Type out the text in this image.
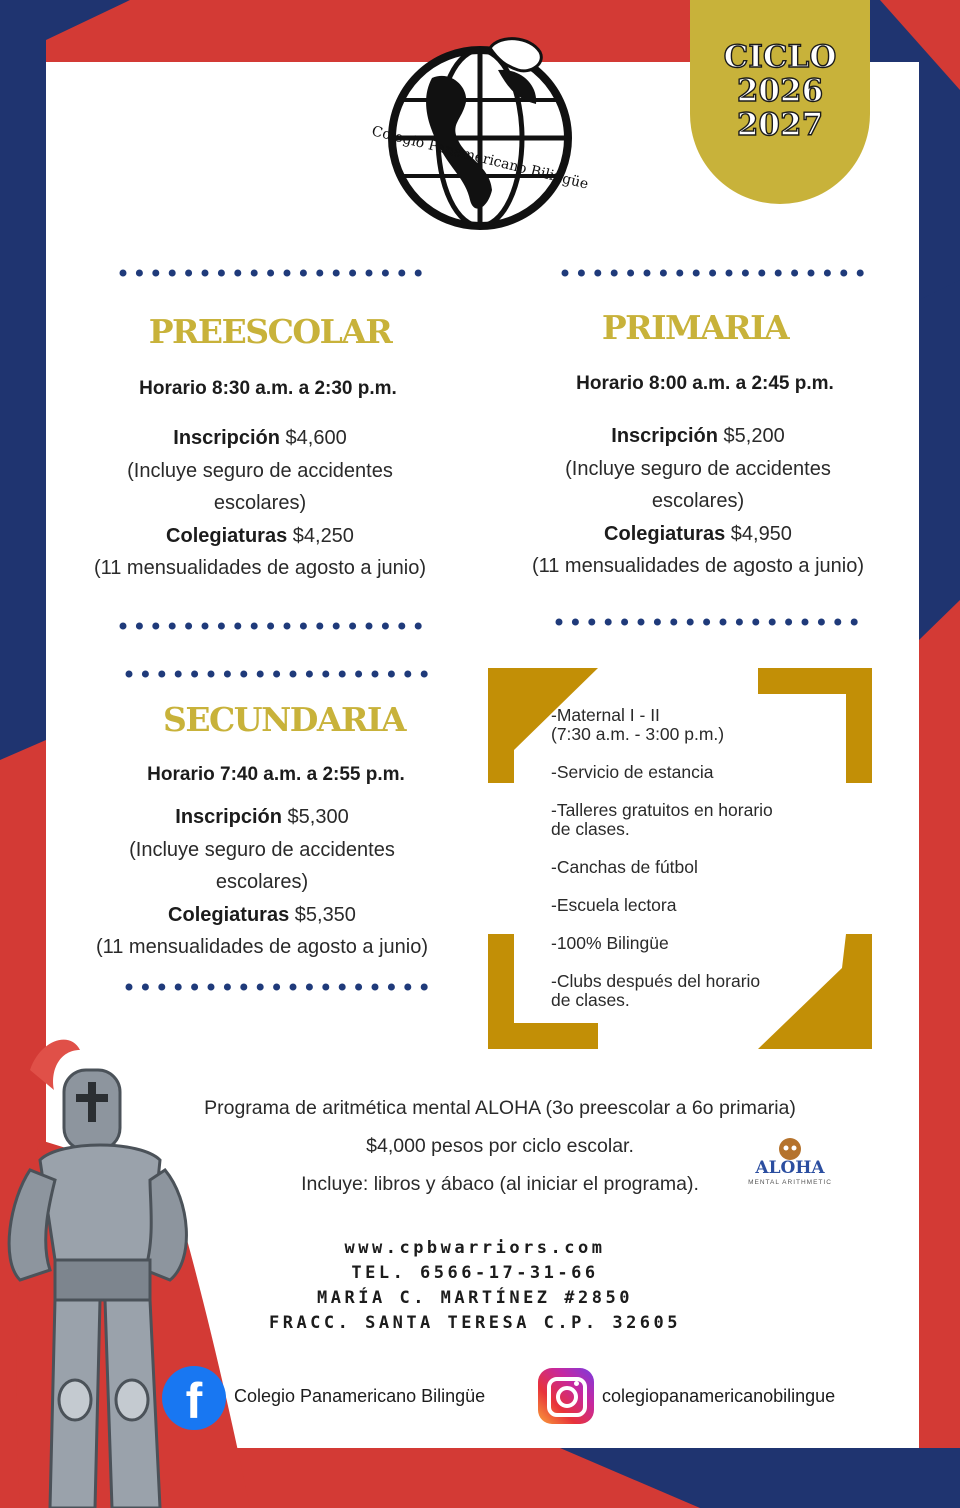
Colegio Panamericano Bilingüe
CICLO
2026
2027
PREESCOLAR
Horario 8:30 a.m. a 2:30 p.m.
Inscripción $4,600
(Incluye seguro de accidentes
escolares)
Colegiaturas $4,250
(11 mensualidades de agosto a junio)
PRIMARIA
Horario 8:00 a.m. a 2:45 p.m.
Inscripción $5,200
(Incluye seguro de accidentes
escolares)
Colegiaturas $4,950
(11 mensualidades de agosto a junio)
SECUNDARIA
Horario 7:40 a.m. a 2:55 p.m.
Inscripción $5,300
(Incluye seguro de accidentes
escolares)
Colegiaturas $5,350
(11 mensualidades de agosto a junio)
-Maternal I - II
(7:30 a.m. - 3:00 p.m.)
-Servicio de estancia
-Talleres gratuitos en horario
de clases.
-Canchas de fútbol
-Escuela lectora
-100% Bilingüe
-Clubs después del horario
de clases.
Programa de aritmética mental ALOHA (3o preescolar a 6o primaria)
$4,000 pesos por ciclo escolar.
Incluye: libros y ábaco (al iniciar el programa).
ALOHA
MENTAL ARITHMETIC
www.cpbwarriors.com
TEL. 6566-17-31-66
MARÍA C. MARTÍNEZ #2850
FRACC. SANTA TERESA C.P. 32605
f	Colegio Panamericano Bilingüe	colegiopanamericanobilingue
